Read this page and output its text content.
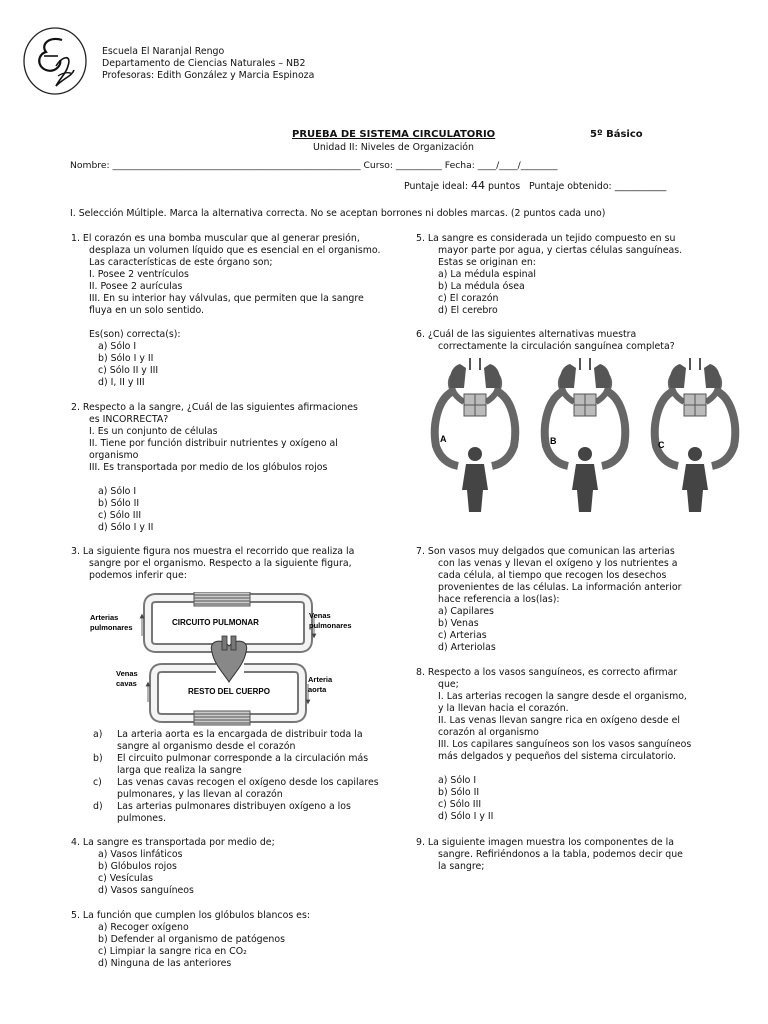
Escuela El Naranjal Rengo
Departamento de Ciencias Naturales – NB2
Profesoras: Edith González y Marcia Espinoza
PRUEBA DE SISTEMA CIRCULATORIO	5º Básico
Unidad II: Niveles de Organización
Nombre: ______________________________________________________ Curso: __________ Fecha: ____/____/________
Puntaje ideal: 44 puntos Puntaje obtenido: ___________
I. Selección Múltiple. Marca la alternativa correcta. No se aceptan borrones ni dobles marcas. (2 puntos cada uno)
1. El corazón es una bomba muscular que al generar presión,
desplaza un volumen líquido que es esencial en el organismo.
Las características de este órgano son;
I. Posee 2 ventrículos
II. Posee 2 aurículas
III. En su interior hay válvulas, que permiten que la sangre
fluya en un solo sentido.
Es(son) correcta(s):
a) Sólo I
b) Sólo I y II
c) Sólo II y III
d) I, II y III
2. Respecto a la sangre, ¿Cuál de las siguientes afirmaciones
es INCORRECTA?
I. Es un conjunto de células
II. Tiene por función distribuir nutrientes y oxígeno al
organismo
III. Es transportada por medio de los glóbulos rojos
a) Sólo I
b) Sólo II
c) Sólo III
d) Sólo I y II
3. La siguiente figura nos muestra el recorrido que realiza la
sangre por el organismo. Respecto a la siguiente figura,
podemos inferir que:
Arterias
pulmonares
CIRCUITO PULMONAR
Venas
pulmonares
Venas
cavas	Arteria
aorta
RESTO DEL CUERPO
a) La arteria aorta es la encargada de distribuir toda la
sangre al organismo desde el corazón
b) El circuito pulmonar corresponde a la circulación más
larga que realiza la sangre
c) Las venas cavas recogen el oxígeno desde los capilares
pulmonares, y las llevan al corazón
d) Las arterias pulmonares distribuyen oxígeno a los
pulmones.
4. La sangre es transportada por medio de;
a) Vasos linfáticos
b) Glóbulos rojos
c) Vesículas
d) Vasos sanguíneos
5. La función que cumplen los glóbulos blancos es:
a) Recoger oxígeno
b) Defender al organismo de patógenos
c) Limpiar la sangre rica en CO₂
d) Ninguna de las anteriores
5. La sangre es considerada un tejido compuesto en su
mayor parte por agua, y ciertas células sanguíneas.
Estas se originan en:
a) La médula espinal
b) La médula ósea
c) El corazón
d) El cerebro
6. ¿Cuál de las siguientes alternativas muestra
correctamente la circulación sanguínea completa?
A	B	C
7. Son vasos muy delgados que comunican las arterias
con las venas y llevan el oxígeno y los nutrientes a
cada célula, al tiempo que recogen los desechos
provenientes de las células. La información anterior
hace referencia a los(las):
a) Capilares
b) Venas
c) Arterias
d) Arteriolas
8. Respecto a los vasos sanguíneos, es correcto afirmar
que;
I. Las arterias recogen la sangre desde el organismo,
y la llevan hacia el corazón.
II. Las venas llevan sangre rica en oxígeno desde el
corazón al organismo
III. Los capilares sanguíneos son los vasos sanguíneos
más delgados y pequeños del sistema circulatorio.
a) Sólo I
b) Sólo II
c) Sólo III
d) Sólo I y II
9. La siguiente imagen muestra los componentes de la
sangre. Refiriéndonos a la tabla, podemos decir que
la sangre;
